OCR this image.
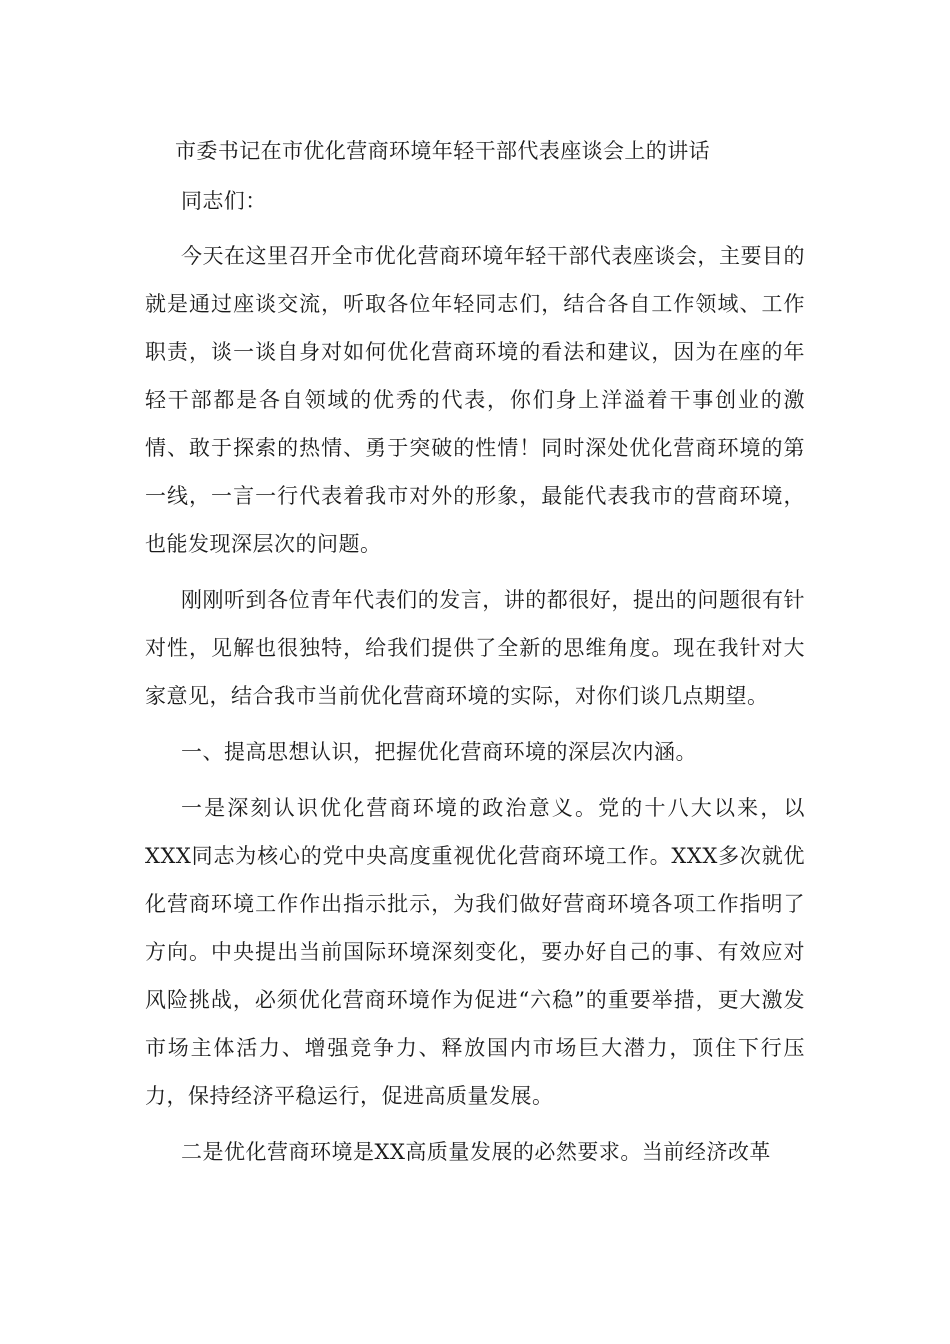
市委书记在市优化营商环境年轻干部代表座谈会上的讲话

同志们：

今天在这里召开全市优化营商环境年轻干部代表座谈会，主要目的就是通过座谈交流，听取各位年轻同志们，结合各自工作领域、工作职责，谈一谈自身对如何优化营商环境的看法和建议，因为在座的年轻干部都是各自领域的优秀的代表，你们身上洋溢着干事创业的激情、敢于探索的热情、勇于突破的性情！同时深处优化营商环境的第一线，一言一行代表着我市对外的形象，最能代表我市的营商环境，也能发现深层次的问题。

刚刚听到各位青年代表们的发言，讲的都很好，提出的问题很有针对性，见解也很独特，给我们提供了全新的思维角度。现在我针对大家意见，结合我市当前优化营商环境的实际，对你们谈几点期望。

一、提高思想认识，把握优化营商环境的深层次内涵。

一是深刻认识优化营商环境的政治意义。党的十八大以来，以XXX同志为核心的党中央高度重视优化营商环境工作。XXX多次就优化营商环境工作作出指示批示，为我们做好营商环境各项工作指明了方向。中央提出当前国际环境深刻变化，要办好自己的事、有效应对风险挑战，必须优化营商环境作为促进“六稳”的重要举措，更大激发市场主体活力、增强竞争力、释放国内市场巨大潜力，顶住下行压力，保持经济平稳运行，促进高质量发展。

二是优化营商环境是XX高质量发展的必然要求。当前经济改革
